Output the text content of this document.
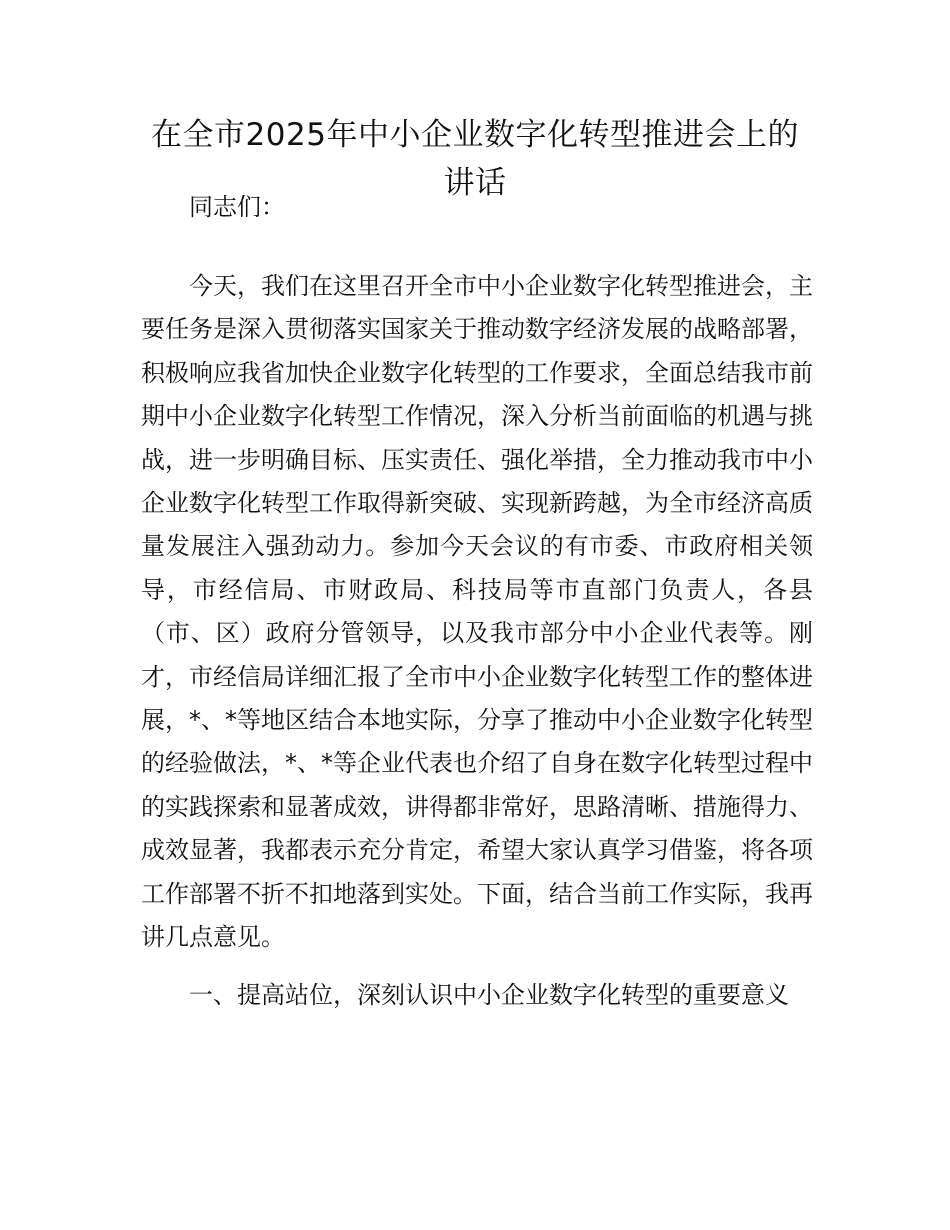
在全市2025年中小企业数字化转型推进会上的讲话

同志们：

今天，我们在这里召开全市中小企业数字化转型推进会，主要任务是深入贯彻落实国家关于推动数字经济发展的战略部署，积极响应我省加快企业数字化转型的工作要求，全面总结我市前期中小企业数字化转型工作情况，深入分析当前面临的机遇与挑战，进一步明确目标、压实责任、强化举措，全力推动我市中小企业数字化转型工作取得新突破、实现新跨越，为全市经济高质量发展注入强劲动力。参加今天会议的有市委、市政府相关领导，市经信局、市财政局、科技局等市直部门负责人，各县（市、区）政府分管领导，以及我市部分中小企业代表等。刚才，市经信局详细汇报了全市中小企业数字化转型工作的整体进展，*、*等地区结合本地实际，分享了推动中小企业数字化转型的经验做法，*、*等企业代表也介绍了自身在数字化转型过程中的实践探索和显著成效，讲得都非常好，思路清晰、措施得力、成效显著，我都表示充分肯定，希望大家认真学习借鉴，将各项工作部署不折不扣地落到实处。下面，结合当前工作实际，我再讲几点意见。

一、提高站位，深刻认识中小企业数字化转型的重要意义
